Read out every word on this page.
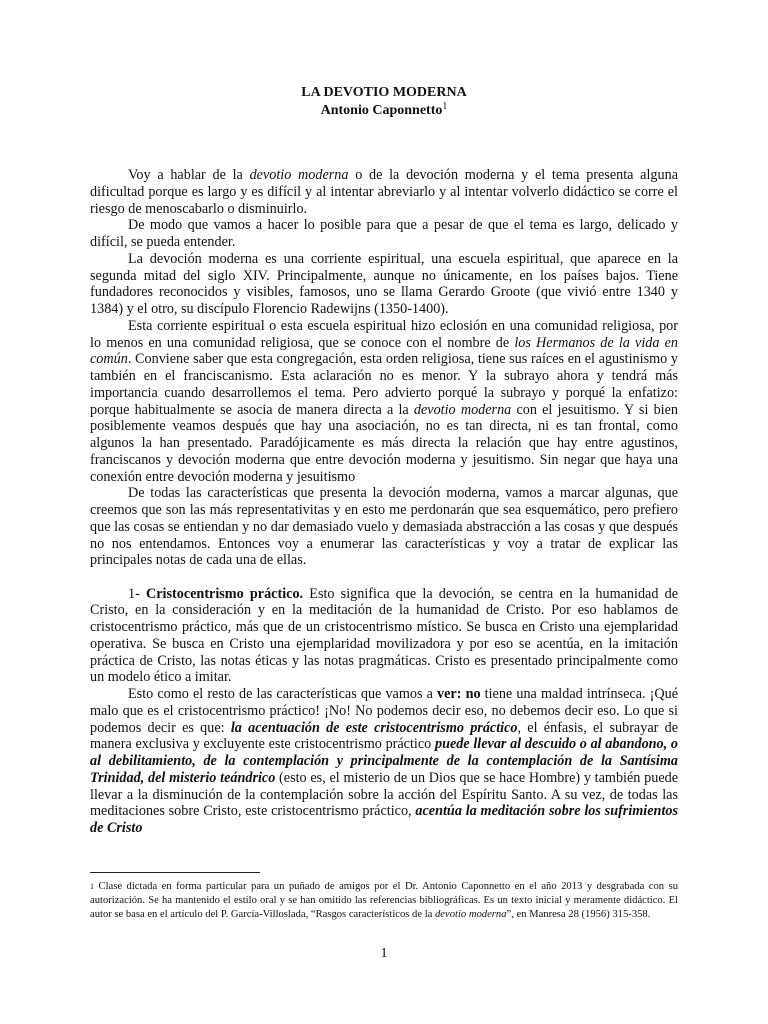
LA DEVOTIO MODERNA
Antonio Caponnetto$^1$

Voy a hablar de la devotio moderna o de la devoción moderna y el tema presenta alguna dificultad porque es largo y es difícil y al intentar abreviarlo y al intentar volverlo didáctico se corre el riesgo de menoscabarlo o disminuirlo.

De modo que vamos a hacer lo posible para que a pesar de que el tema es largo, delicado y difícil, se pueda entender.

La devoción moderna es una corriente espiritual, una escuela espiritual, que aparece en la segunda mitad del siglo XIV. Principalmente, aunque no únicamente, en los países bajos. Tiene fundadores reconocidos y visibles, famosos, uno se llama Gerardo Groote (que vivió entre 1340 y 1384) y el otro, su discípulo Florencio Radewijns (1350-1400).

Esta corriente espiritual o esta escuela espiritual hizo eclosión en una comunidad religiosa, por lo menos en una comunidad religiosa, que se conoce con el nombre de los Hermanos de la vida en común. Conviene saber que esta congregación, esta orden religiosa, tiene sus raíces en el agustinismo y también en el franciscanismo. Esta aclaración no es menor. Y la subrayo ahora y tendrá más importancia cuando desarrollemos el tema. Pero advierto porqué la subrayo y porqué la enfatizo: porque habitualmente se asocia de manera directa a la devotio moderna con el jesuitismo. Y si bien posiblemente veamos después que hay una asociación, no es tan directa, ni es tan frontal, como algunos la han presentado. Paradójicamente es más directa la relación que hay entre agustinos, franciscanos y devoción moderna que entre devoción moderna y jesuitismo. Sin negar que haya una conexión entre devoción moderna y jesuitismo

De todas las características que presenta la devoción moderna, vamos a marcar algunas, que creemos que son las más representativitas y en esto me perdonarán que sea esquemático, pero prefiero que las cosas se entiendan y no dar demasiado vuelo y demasiada abstracción a las cosas y que después no nos entendamos. Entonces voy a enumerar las características y voy a tratar de explicar las principales notas de cada una de ellas.

1- Cristocentrismo práctico. Esto significa que la devoción, se centra en la humanidad de Cristo, en la consideración y en la meditación de la humanidad de Cristo. Por eso hablamos de cristocentrismo práctico, más que de un cristocentrismo místico. Se busca en Cristo una ejemplaridad operativa. Se busca en Cristo una ejemplaridad movilizadora y por eso se acentúa, en la imitación práctica de Cristo, las notas éticas y las notas pragmáticas. Cristo es presentado principalmente como un modelo ético a imitar.

Esto como el resto de las características que vamos a ver: no tiene una maldad intrínseca. ¡Qué malo que es el cristocentrismo práctico! ¡No! No podemos decir eso, no debemos decir eso. Lo que si podemos decir es que: la acentuación de este cristocentrismo práctico, el énfasis, el subrayar de manera exclusiva y excluyente este cristocentrismo práctico puede llevar al descuido o al abandono, o al debilitamiento, de la contemplación y principalmente de la contemplación de la Santísima Trinidad, del misterio teándrico (esto es, el misterio de un Dios que se hace Hombre) y también puede llevar a la disminución de la contemplación sobre la acción del Espíritu Santo. A su vez, de todas las meditaciones sobre Cristo, este cristocentrismo práctico, acentúa la meditación sobre los sufrimientos de Cristo

$^1$ Clase dictada en forma particular para un puñado de amigos por el Dr. Antonio Caponnetto en el año 2013 y desgrabada con su autorización. Se ha mantenido el estilo oral y se han omitido las referencias bibliográficas. Es un texto inicial y meramente didáctico. El autor se basa en el artículo del P. García-Villoslada, “Rasgos característicos de la devotio moderna”, en Manresa 28 (1956) 315-358.
1
